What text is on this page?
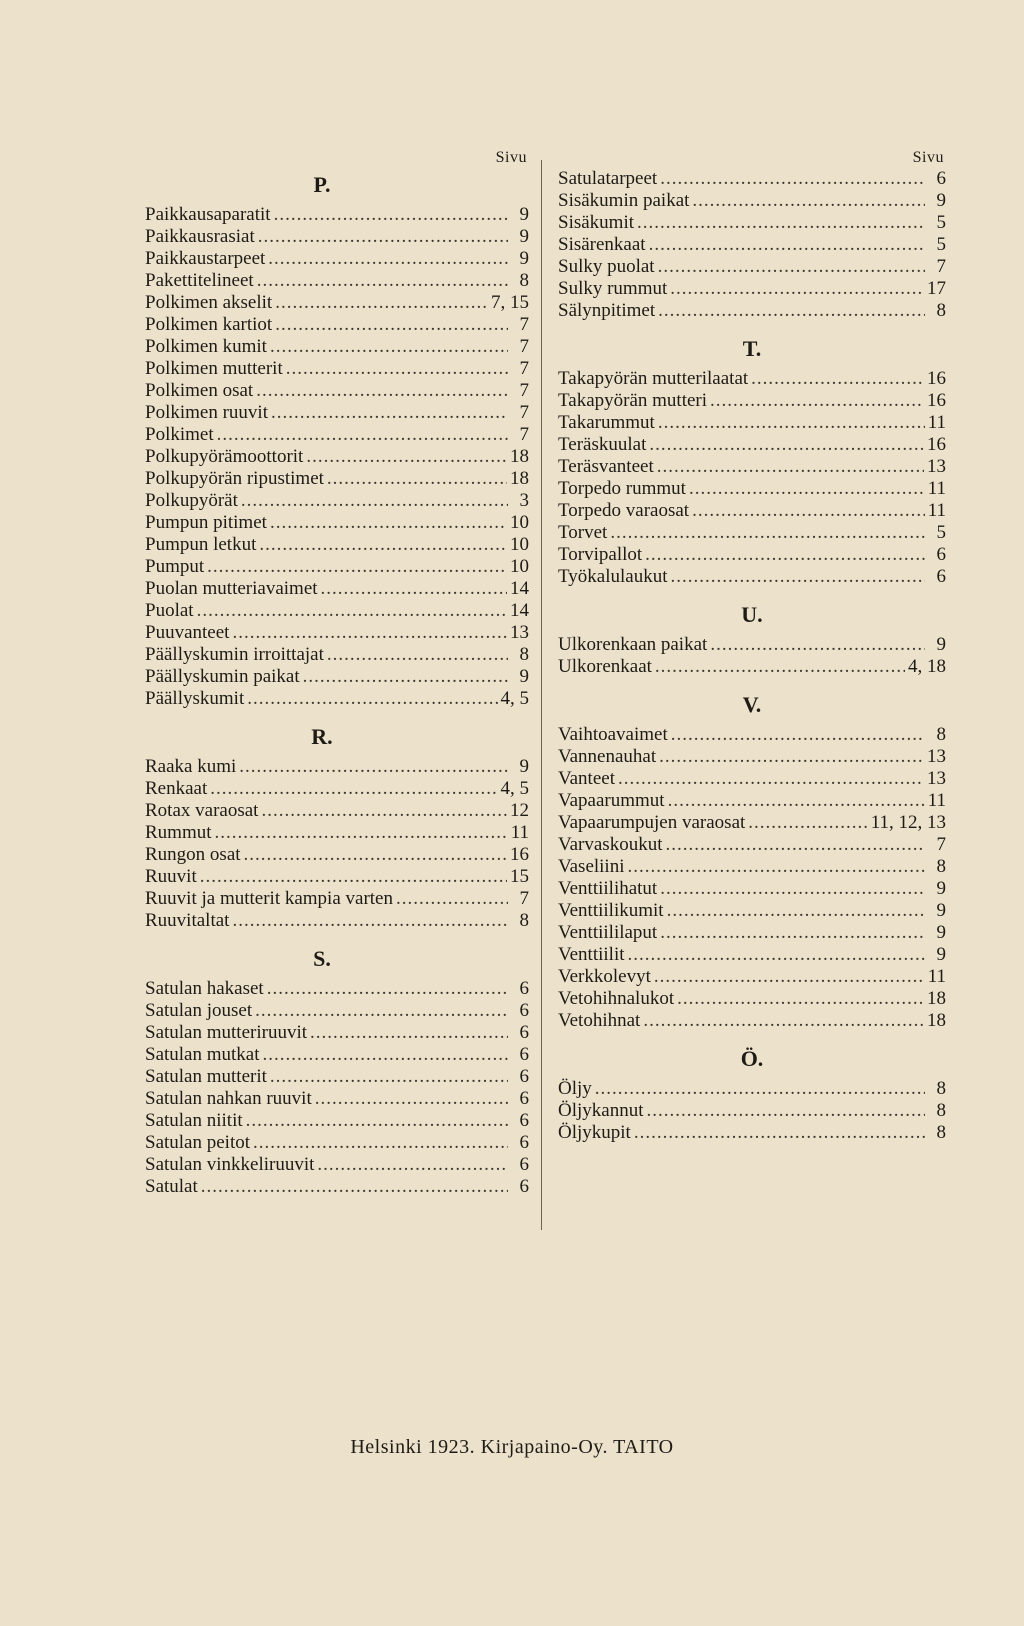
Sivu
P.
Paikkausaparatit .....	9
Paikkausrasiat .....	9
Paikkaustarpeet .....	9
Pakettitelineet .....	8
Polkimen akselit .....	7, 15
Polkimen kartiot .....	7
Polkimen kumit .....	7
Polkimen mutterit .....	7
Polkimen osat .....	7
Polkimen ruuvit .....	7
Polkimet .....	7
Polkupyörämoottorit .....	18
Polkupyörän ripustimet .....	18
Polkupyörät .....	3
Pumpun pitimet .....	10
Pumpun letkut .....	10
Pumput .....	10
Puolan mutteriavaimet .....	14
Puolat .....	14
Puuvanteet .....	13
Päällyskumin irroittajat .....	8
Päällyskumin paikat .....	9
Päällyskumit .....	4, 5
R.
Raaka kumi .....	9
Renkaat .....	4, 5
Rotax varaosat .....	12
Rummut .....	11
Rungon osat .....	16
Ruuvit .....	15
Ruuvit ja mutterit kampia varten .....	7
Ruuvitaltat .....	8
S.
Satulan hakaset .....	6
Satulan jouset .....	6
Satulan mutteriruuvit .....	6
Satulan mutkat .....	6
Satulan mutterit .....	6
Satulan nahkan ruuvit .....	6
Satulan niitit .....	6
Satulan peitot .....	6
Satulan vinkkeliruuvit .....	6
Satulat .....	6
Sivu
Satulatarpeet .....	6
Sisäkumin paikat .....	9
Sisäkumit .....	5
Sisärenkaat .....	5
Sulky puolat .....	7
Sulky rummut .....	17
Sälynpitimet .....	8
T.
Takapyörän mutterilaatat .....	16
Takapyörän mutteri .....	16
Takarummut .....	11
Teräskuulat .....	16
Teräsvanteet .....	13
Torpedo rummut .....	11
Torpedo varaosat .....	11
Torvet .....	5
Torvipallot .....	6
Työkalulaukut .....	6
U.
Ulkorenkaan paikat .....	9
Ulkorenkaat .....	4, 18
V.
Vaihtoavaimet .....	8
Vannenauhat .....	13
Vanteet .....	13
Vapaarummut .....	11
Vapaarumpujen varaosat .....	11, 12, 13
Varvaskoukut .....	7
Vaseliini .....	8
Venttiilihatut .....	9
Venttiilikumit .....	9
Venttiililaput .....	9
Venttiilit .....	9
Verkkolevyt .....	11
Vetohihnalukot .....	18
Vetohihnat .....	18
Ö.
Öljy .....	8
Öljykannut .....	8
Öljykupit .....	8
Helsinki 1923. Kirjapaino-Oy. TAITO
